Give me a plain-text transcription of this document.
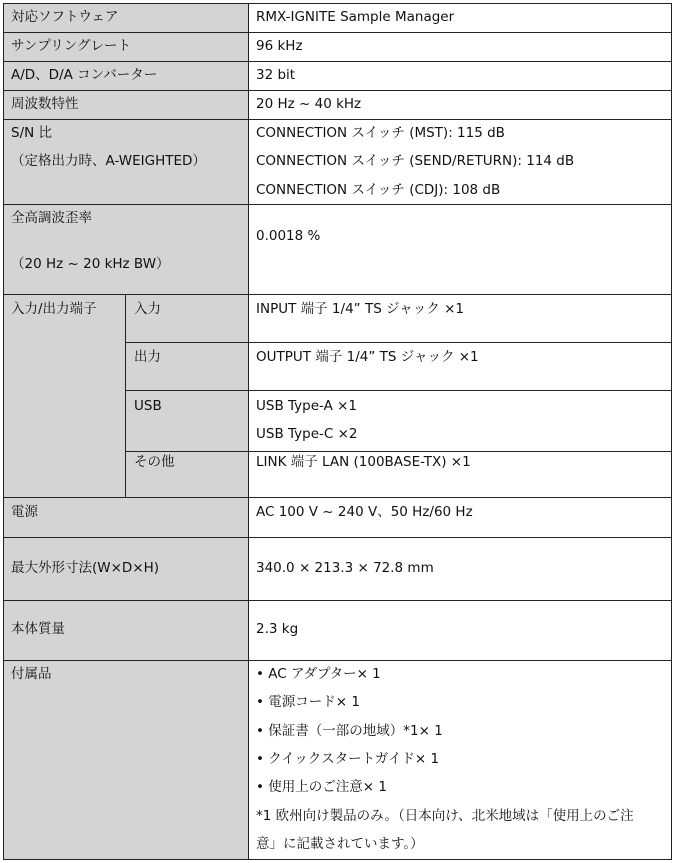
対応ソフトウェア
サンプリングレート
A/D、D/A コンバーター
周波数特性
S/N 比
（定格出力時、A-WEIGHTED）
全高調波歪率
（20 Hz ~ 20 kHz BW）
入力/出力端子	入力
出力
USB
その他
電源
最大外形寸法(W×D×H)
本体質量
付属品
RMX-IGNITE Sample Manager
96 kHz
32 bit
20 Hz ~ 40 kHz
CONNECTION スイッチ (MST): 115 dB
CONNECTION スイッチ (SEND/RETURN): 114 dB
CONNECTION スイッチ (CDJ): 108 dB
0.0018 %
INPUT 端子 1/4” TS ジャック ×1
OUTPUT 端子 1/4” TS ジャック ×1
USB Type-A ×1
USB Type-C ×2
LINK 端子 LAN (100BASE-TX) ×1
AC 100 V ~ 240 V、50 Hz/60 Hz
340.0 × 213.3 × 72.8 mm
2.3 kg
• AC アダプター× 1
• 電源コード× 1
• 保証書（一部の地域）*1× 1
• クイックスタートガイド× 1
• 使用上のご注意× 1
*1 欧州向け製品のみ。（日本向け、北米地域は「使用上のご注
意」に記載されています。）
